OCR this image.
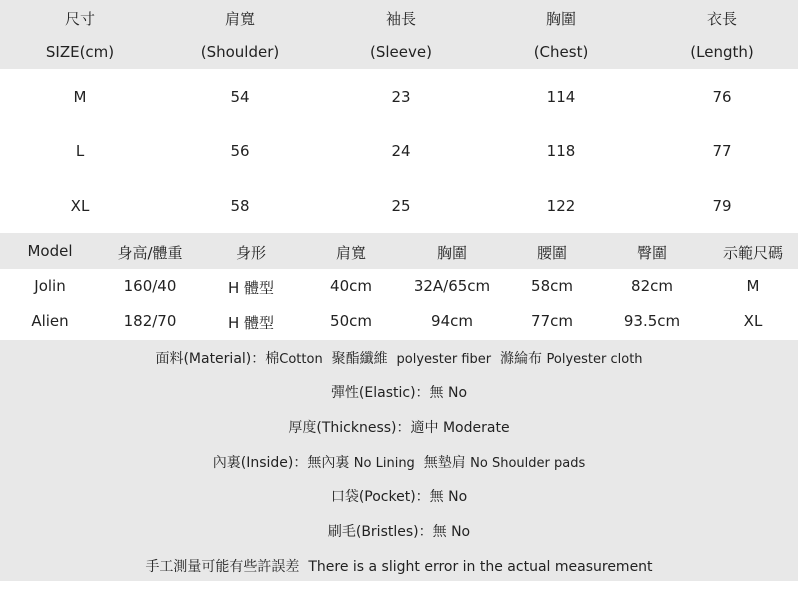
尺寸	肩寬	袖長	胸圍	衣長
SIZE(cm)	(Shoulder)	(Sleeve)	(Chest)	(Length)
M	54	23	114	76
L	56	24	118	77
XL	58	25	122	79
Model	身高/體重	身形	肩寬	胸圍	腰圍	臀圍	示範尺碼
Jolin	160/40	H 體型	40cm	32A/65cm	58cm	82cm	M
Alien	182/70	H 體型	50cm	94cm	77cm	93.5cm	XL
面料(Material)：棉Cotton  聚酯纖維  polyester fiber  滌綸布 Polyester cloth
彈性(Elastic)：無 No
厚度(Thickness)：適中 Moderate
內裏(Inside)：無內裏 No Lining  無墊肩 No Shoulder pads
口袋(Pocket)：無 No
刷毛(Bristles)：無 No
手工測量可能有些許誤差  There is a slight error in the actual measurement
